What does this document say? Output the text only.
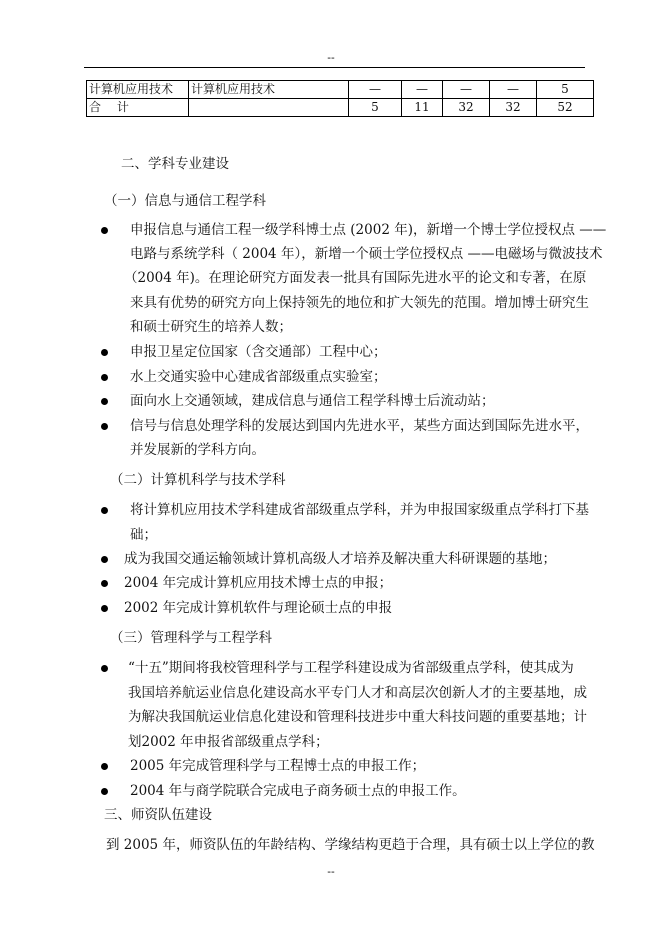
--
计算机应用技术	计算机应用技术	—	—	—	—	5
合 计		5	11	32	32	52
二、学科专业建设
（一）信息与通信工程学科
申报信息与通信工程一级学科博士点 (2002 年)，新增一个博士学位授权点 ——
电路与系统学科（ 2004 年），新增一个硕士学位授权点 ——电磁场与微波技术
（2004 年)。在理论研究方面发表一批具有国际先进水平的论文和专著，在原
来具有优势的研究方向上保持领先的地位和扩大领先的范围。增加博士研究生
和硕士研究生的培养人数；
申报卫星定位国家（含交通部）工程中心；
水上交通实验中心建成省部级重点实验室；
面向水上交通领域，建成信息与通信工程学科博士后流动站；
信号与信息处理学科的发展达到国内先进水平，某些方面达到国际先进水平，
并发展新的学科方向。
（二）计算机科学与技术学科
将计算机应用技术学科建成省部级重点学科，并为申报国家级重点学科打下基
础；
成为我国交通运输领域计算机高级人才培养及解决重大科研课题的基地；
2004 年完成计算机应用技术博士点的申报；
2002 年完成计算机软件与理论硕士点的申报
（三）管理科学与工程学科
“十五”期间将我校管理科学与工程学科建设成为省部级重点学科，使其成为
我国培养航运业信息化建设高水平专门人才和高层次创新人才的主要基地，成
为解决我国航运业信息化建设和管理科技进步中重大科技问题的重要基地；计
划2002 年申报省部级重点学科；
2005 年完成管理科学与工程博士点的申报工作；
2004 年与商学院联合完成电子商务硕士点的申报工作。
三、师资队伍建设
到 2005 年，师资队伍的年龄结构、学缘结构更趋于合理，具有硕士以上学位的教
--
